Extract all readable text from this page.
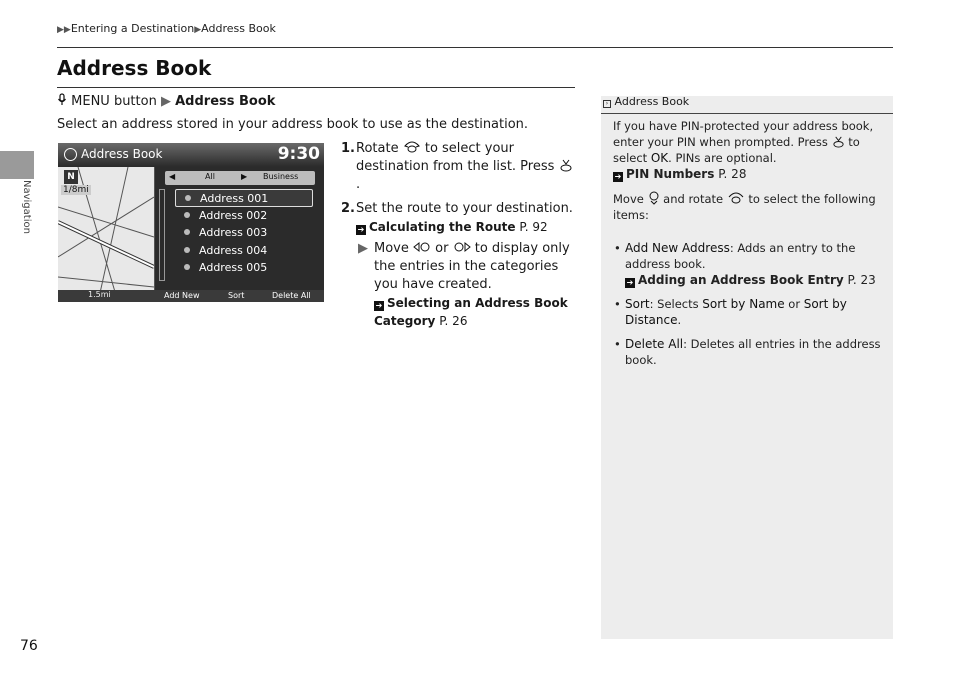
▶▶Entering a Destination▶Address Book
Address Book
Navigation
MENU button ▶ Address Book
Select an address stored in your address book to use as the destination.
Address Book	9:30
N
1/8mi
◀	All	▶ Business
Address 001
Address 002
Address 003
Address 004
Address 005
1.5mi	Add New	Sort	Delete All
1. Rotate to select your destination from the list. Press .
2. Set the route to your destination.
➔ Calculating the Route P. 92
▶ Move or to display only the entries in the categories you have created.
➔ Selecting an Address Book Category P. 26
› Address Book
If you have PIN-protected your address book, enter your PIN when prompted. Press to select OK. PINs are optional.
➔ PIN Numbers P. 28
Move and rotate to select the following items:
• Add New Address: Adds an entry to the address book.
➔ Adding an Address Book Entry P. 23
• Sort: Selects Sort by Name or Sort by Distance.
• Delete All: Deletes all entries in the address book.
76
